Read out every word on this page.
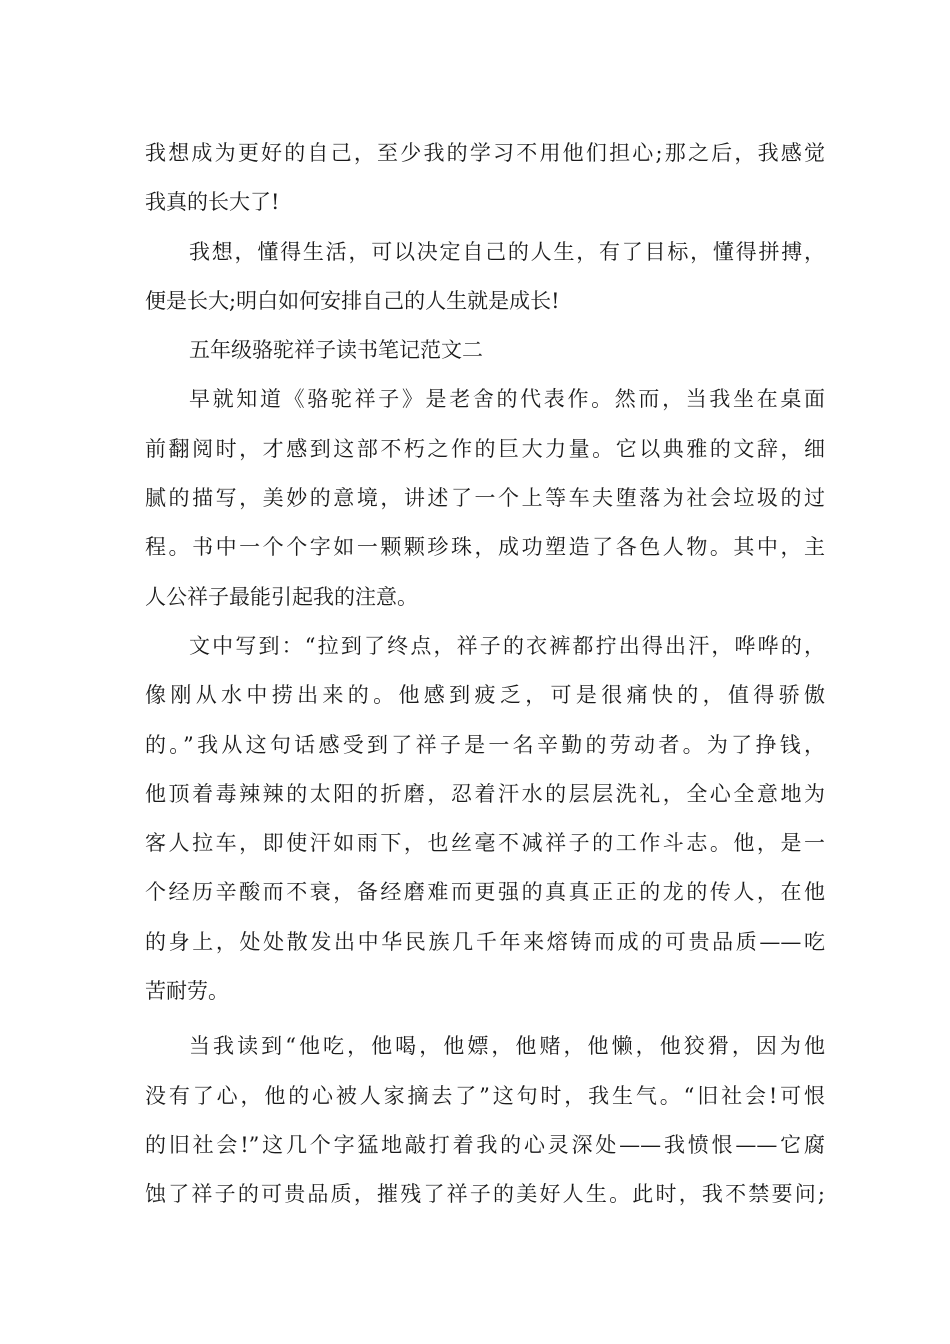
我想成为更好的自己，至少我的学习不用他们担心;那之后，我感觉
我真的长大了!
我想，懂得生活，可以决定自己的人生，有了目标，懂得拼搏，
便是长大;明白如何安排自己的人生就是成长!
五年级骆驼祥子读书笔记范文二
早就知道《骆驼祥子》是老舍的代表作。然而，当我坐在桌面
前翻阅时，才感到这部不朽之作的巨大力量。它以典雅的文辞，细
腻的描写，美妙的意境，讲述了一个上等车夫堕落为社会垃圾的过
程。书中一个个字如一颗颗珍珠，成功塑造了各色人物。其中，主
人公祥子最能引起我的注意。
文中写到：“拉到了终点，祥子的衣裤都拧出得出汗，哗哗的，
像刚从水中捞出来的。他感到疲乏，可是很痛快的，值得骄傲
的。”我从这句话感受到了祥子是一名辛勤的劳动者。为了挣钱，
他顶着毒辣辣的太阳的折磨，忍着汗水的层层洗礼，全心全意地为
客人拉车，即使汗如雨下，也丝毫不减祥子的工作斗志。他，是一
个经历辛酸而不衰，备经磨难而更强的真真正正的龙的传人，在他
的身上，处处散发出中华民族几千年来熔铸而成的可贵品质——吃
苦耐劳。
当我读到“他吃，他喝，他嫖，他赌，他懒，他狡猾，因为他
没有了心，他的心被人家摘去了”这句时，我生气。“旧社会!可恨
的旧社会!”这几个字猛地敲打着我的心灵深处——我愤恨——它腐
蚀了祥子的可贵品质，摧残了祥子的美好人生。此时，我不禁要问;
